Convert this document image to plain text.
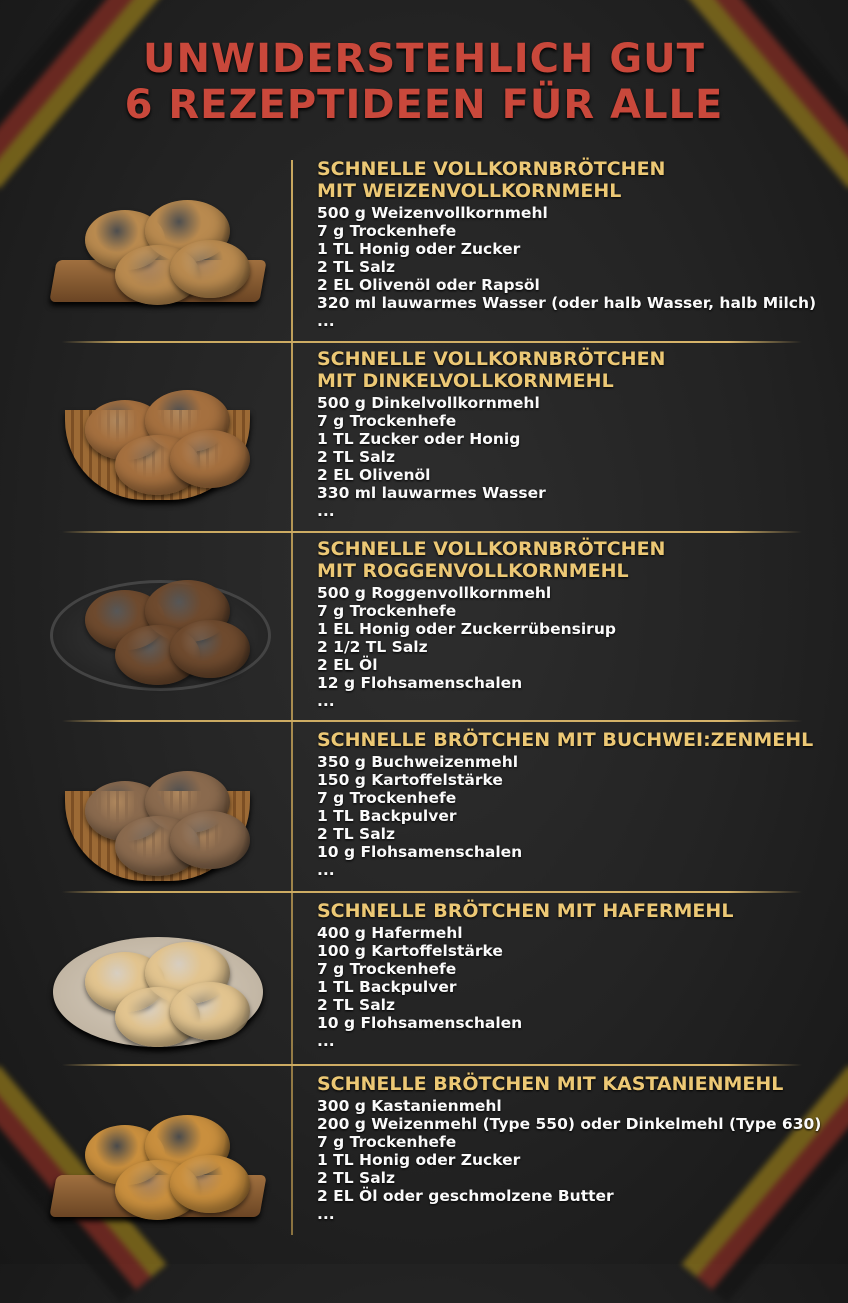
UNWIDERSTEHLICH GUT
6 REZEPTIDEEN FÜR ALLE
SCHNELLE VOLLKORNBRÖTCHEN
MIT WEIZENVOLLKORNMEHL
500 g Weizenvollkornmehl
7 g Trockenhefe
1 TL Honig oder Zucker
2 TL Salz
2 EL Olivenöl oder Rapsöl
320 ml lauwarmes Wasser (oder halb Wasser, halb Milch)
...
SCHNELLE VOLLKORNBRÖTCHEN
MIT DINKELVOLLKORNMEHL
500 g Dinkelvollkornmehl
7 g Trockenhefe
1 TL Zucker oder Honig
2 TL Salz
2 EL Olivenöl
330 ml lauwarmes Wasser
...
SCHNELLE VOLLKORNBRÖTCHEN
MIT ROGGENVOLLKORNMEHL
500 g Roggenvollkornmehl
7 g Trockenhefe
1 EL Honig oder Zuckerrübensirup
2 1/2 TL Salz
2 EL Öl
12 g Flohsamenschalen
...
SCHNELLE BRÖTCHEN MIT BUCHWEI:ZENMEHL
350 g Buchweizenmehl
150 g Kartoffelstärke
7 g Trockenhefe
1 TL Backpulver
2 TL Salz
10 g Flohsamenschalen
...
SCHNELLE BRÖTCHEN MIT HAFERMEHL
400 g Hafermehl
100 g Kartoffelstärke
7 g Trockenhefe
1 TL Backpulver
2 TL Salz
10 g Flohsamenschalen
...
SCHNELLE BRÖTCHEN MIT KASTANIENMEHL
300 g Kastanienmehl
200 g Weizenmehl (Type 550) oder Dinkelmehl (Type 630)
7 g Trockenhefe
1 TL Honig oder Zucker
2 TL Salz
2 EL Öl oder geschmolzene Butter
...
